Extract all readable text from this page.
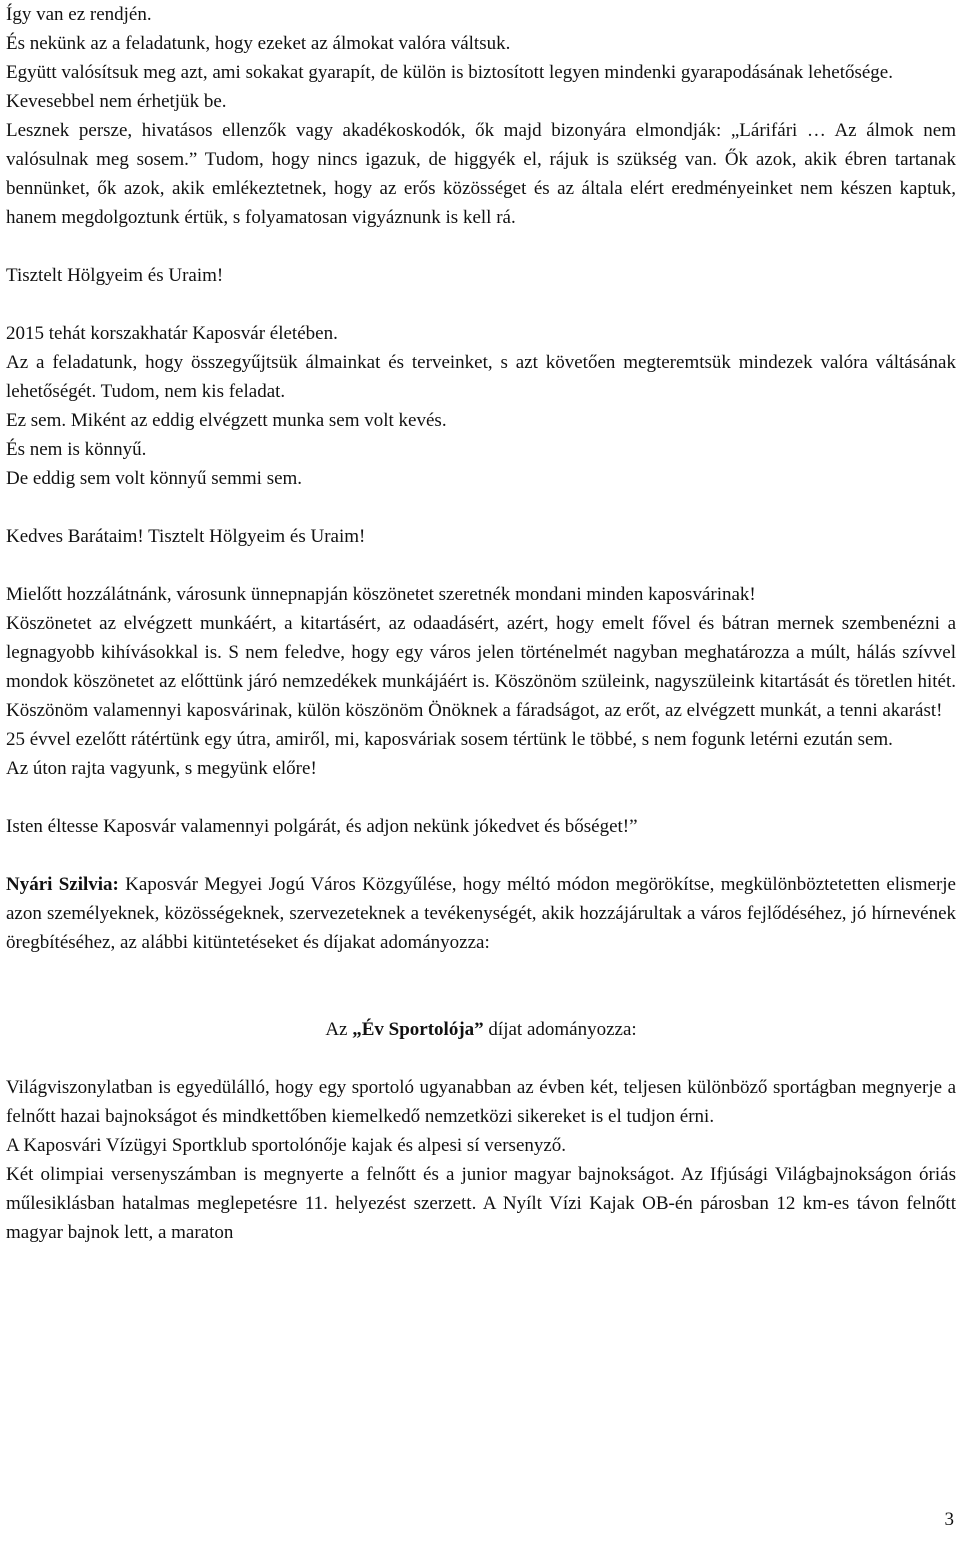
Így van ez rendjén.

És nekünk az a feladatunk, hogy ezeket az álmokat valóra váltsuk.

Együtt valósítsuk meg azt, ami sokakat gyarapít, de külön is biztosított legyen mindenki gyarapodásának lehetősége. Kevesebbel nem érhetjük be.

Lesznek persze, hivatásos ellenzők vagy akadékoskodók, ők majd bizonyára elmondják: „Lárifári … Az álmok nem valósulnak meg sosem.” Tudom, hogy nincs igazuk, de higgyék el, rájuk is szükség van. Ők azok, akik ébren tartanak bennünket, ők azok, akik emlékeztetnek, hogy az erős közösséget és az általa elért eredményeinket nem készen kaptuk, hanem megdolgoztunk értük, s folyamatosan vigyáznunk is kell rá.

Tisztelt Hölgyeim és Uraim!

2015 tehát korszakhatár Kaposvár életében.

Az a feladatunk, hogy összegyűjtsük álmainkat és terveinket, s azt követően megteremtsük mindezek valóra váltásának lehetőségét. Tudom, nem kis feladat.

Ez sem. Miként az eddig elvégzett munka sem volt kevés.

És nem is könnyű.

De eddig sem volt könnyű semmi sem.

Kedves Barátaim! Tisztelt Hölgyeim és Uraim!

Mielőtt hozzálátnánk, városunk ünnepnapján köszönetet szeretnék mondani minden kaposvárinak!

Köszönetet az elvégzett munkáért, a kitartásért, az odaadásért, azért, hogy emelt fővel és bátran mernek szembenézni a legnagyobb kihívásokkal is. S nem feledve, hogy egy város jelen történelmét nagyban meghatározza a múlt, hálás szívvel mondok köszönetet az előttünk járó nemzedékek munkájáért is. Köszönöm szüleink, nagyszüleink kitartását és töretlen hitét. Köszönöm valamennyi kaposvárinak, külön köszönöm Önöknek a fáradságot, az erőt, az elvégzett munkát, a tenni akarást!

25 évvel ezelőtt rátértünk egy útra, amiről, mi, kaposváriak sosem tértünk le többé, s nem fogunk letérni ezután sem.

Az úton rajta vagyunk, s megyünk előre!

Isten éltesse Kaposvár valamennyi polgárát, és adjon nekünk jókedvet és bőséget!”

Nyári Szilvia: Kaposvár Megyei Jogú Város Közgyűlése, hogy méltó módon megörökítse, megkülönböztetetten elismerje azon személyeknek, közösségeknek, szervezeteknek a tevékenységét, akik hozzájárultak a város fejlődéséhez, jó hírnevének öregbítéséhez, az alábbi kitüntetéseket és díjakat adományozza:

Az „Év Sportolója” díjat adományozza:

Világviszonylatban is egyedülálló, hogy egy sportoló ugyanabban az évben két, teljesen különböző sportágban megnyerje a felnőtt hazai bajnokságot és mindkettőben kiemelkedő nemzetközi sikereket is el tudjon érni.

A Kaposvári Vízügyi Sportklub sportolónője kajak és alpesi sí versenyző.

Két olimpiai versenyszámban is megnyerte a felnőtt és a junior magyar bajnokságot. Az Ifjúsági Világbajnokságon óriás műlesiklásban hatalmas meglepetésre 11. helyezést szerzett. A Nyílt Vízi Kajak OB-én párosban 12 km-es távon felnőtt magyar bajnok lett, a maraton

3
